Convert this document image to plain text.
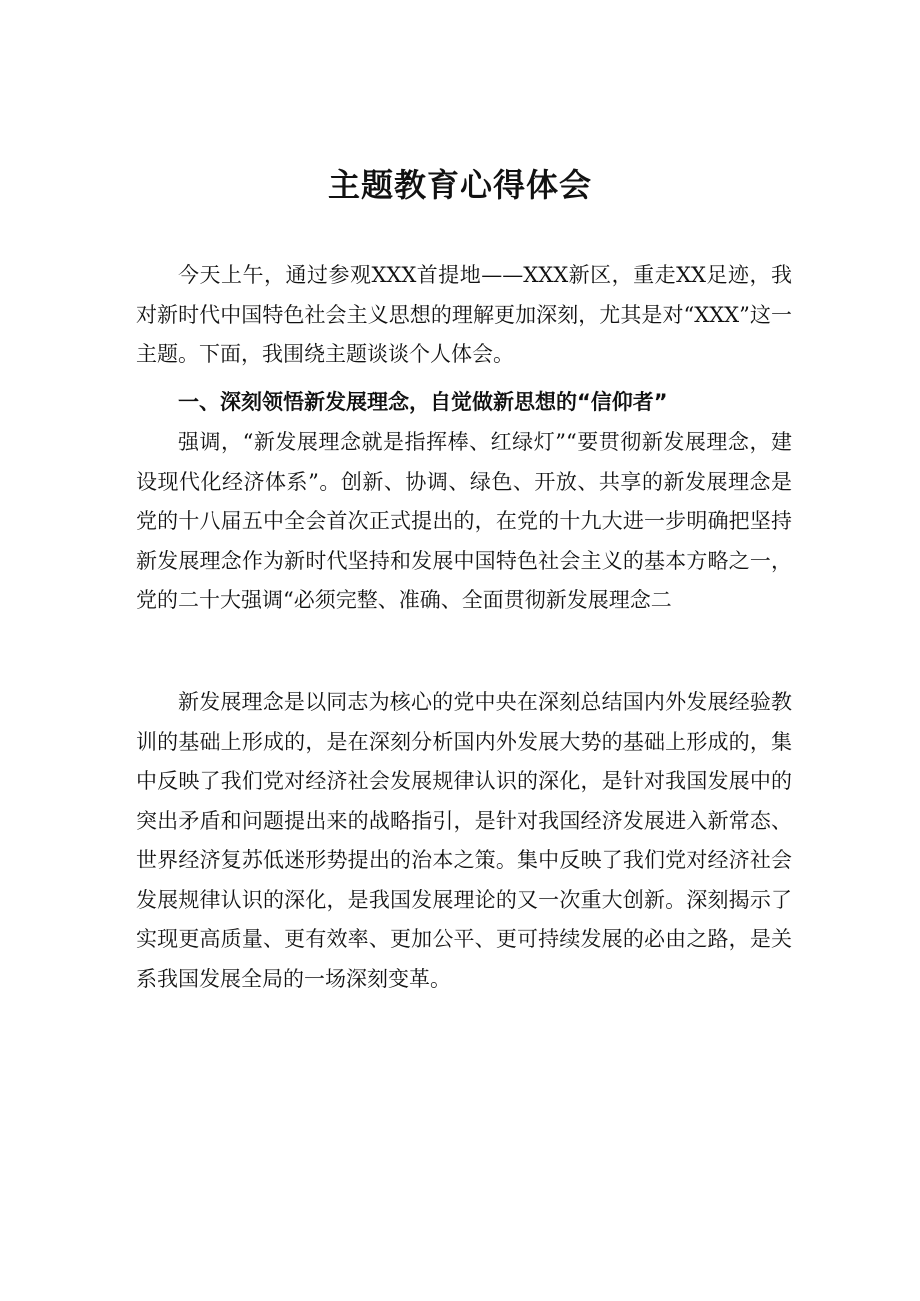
主题教育心得体会

今天上午，通过参观XXX首提地——XXX新区，重走XX足迹，我对新时代中国特色社会主义思想的理解更加深刻，尤其是对“XXX”这一主题。下面，我围绕主题谈谈个人体会。

一、深刻领悟新发展理念，自觉做新思想的“信仰者”

强调，“新发展理念就是指挥棒、红绿灯”“要贯彻新发展理念，建设现代化经济体系”。创新、协调、绿色、开放、共享的新发展理念是党的十八届五中全会首次正式提出的，在党的十九大进一步明确把坚持新发展理念作为新时代坚持和发展中国特色社会主义的基本方略之一，党的二十大强调“必须完整、准确、全面贯彻新发展理念二

新发展理念是以同志为核心的党中央在深刻总结国内外发展经验教训的基础上形成的，是在深刻分析国内外发展大势的基础上形成的，集中反映了我们党对经济社会发展规律认识的深化，是针对我国发展中的突出矛盾和问题提出来的战略指引，是针对我国经济发展进入新常态、世界经济复苏低迷形势提出的治本之策。集中反映了我们党对经济社会发展规律认识的深化，是我国发展理论的又一次重大创新。深刻揭示了实现更高质量、更有效率、更加公平、更可持续发展的必由之路，是关系我国发展全局的一场深刻变革。
